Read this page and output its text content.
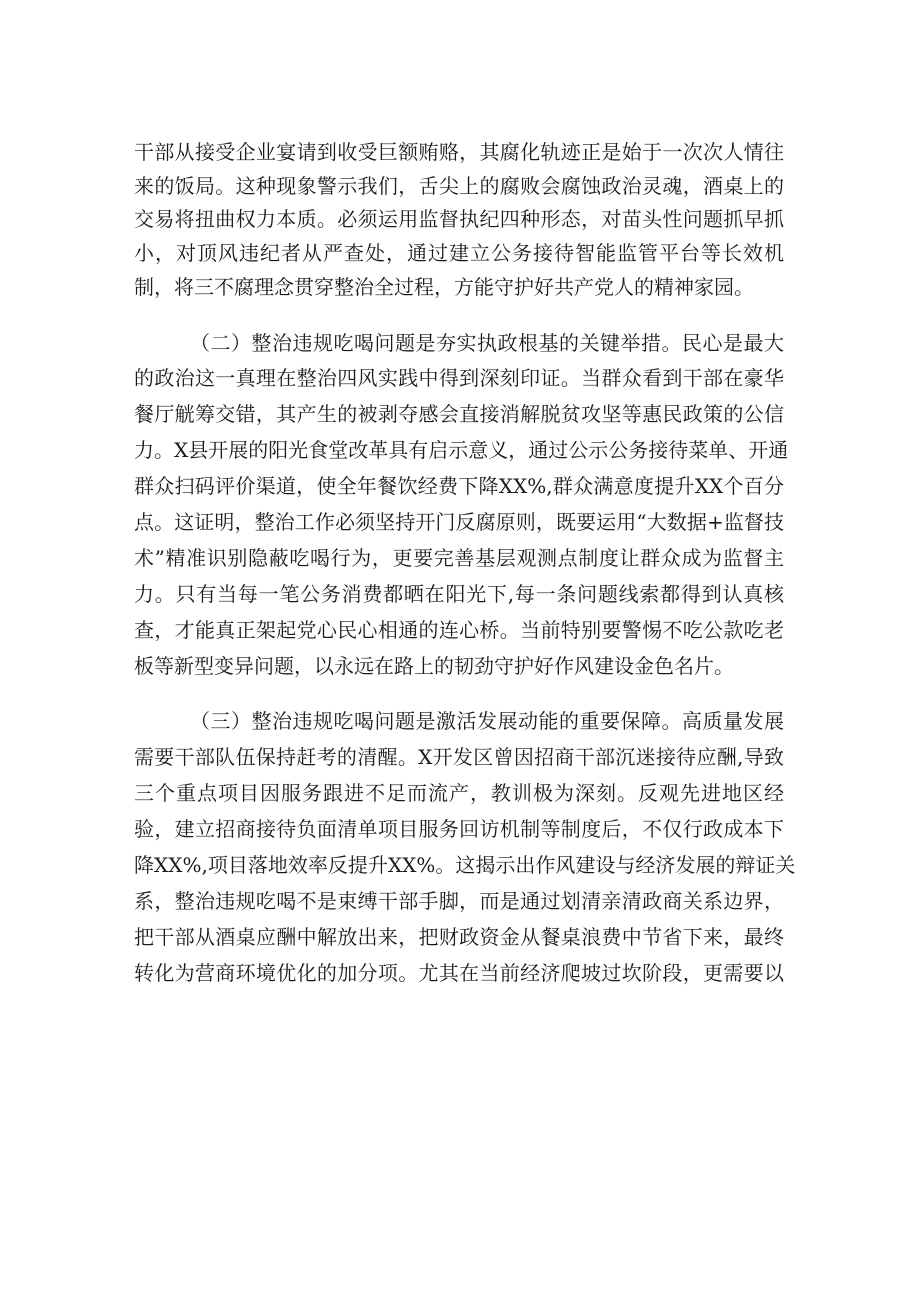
干部从接受企业宴请到收受巨额贿赂，其腐化轨迹正是始于一次次人情往
来的饭局。这种现象警示我们，舌尖上的腐败会腐蚀政治灵魂，酒桌上的
交易将扭曲权力本质。必须运用监督执纪四种形态，对苗头性问题抓早抓
小，对顶风违纪者从严查处，通过建立公务接待智能监管平台等长效机
制，将三不腐理念贯穿整治全过程，方能守护好共产党人的精神家园。
（二）整治违规吃喝问题是夯实执政根基的关键举措。民心是最大
的政治这一真理在整治四风实践中得到深刻印证。当群众看到干部在豪华
餐厅觥筹交错，其产生的被剥夺感会直接消解脱贫攻坚等惠民政策的公信
力。X县开展的阳光食堂改革具有启示意义，通过公示公务接待菜单、开通
群众扫码评价渠道，使全年餐饮经费下降XX%,群众满意度提升XX个百分
点。这证明，整治工作必须坚持开门反腐原则，既要运用“大数据+监督技
术”精准识别隐蔽吃喝行为，更要完善基层观测点制度让群众成为监督主
力。只有当每一笔公务消费都晒在阳光下,每一条问题线索都得到认真核
查，才能真正架起党心民心相通的连心桥。当前特别要警惕不吃公款吃老
板等新型变异问题，以永远在路上的韧劲守护好作风建设金色名片。
（三）整治违规吃喝问题是激活发展动能的重要保障。高质量发展
需要干部队伍保持赶考的清醒。X开发区曾因招商干部沉迷接待应酬,导致
三个重点项目因服务跟进不足而流产，教训极为深刻。反观先进地区经
验，建立招商接待负面清单项目服务回访机制等制度后，不仅行政成本下
降XX%,项目落地效率反提升XX%。这揭示出作风建设与经济发展的辩证关
系，整治违规吃喝不是束缚干部手脚，而是通过划清亲清政商关系边界，
把干部从酒桌应酬中解放出来，把财政资金从餐桌浪费中节省下来，最终
转化为营商环境优化的加分项。尤其在当前经济爬坡过坎阶段，更需要以
